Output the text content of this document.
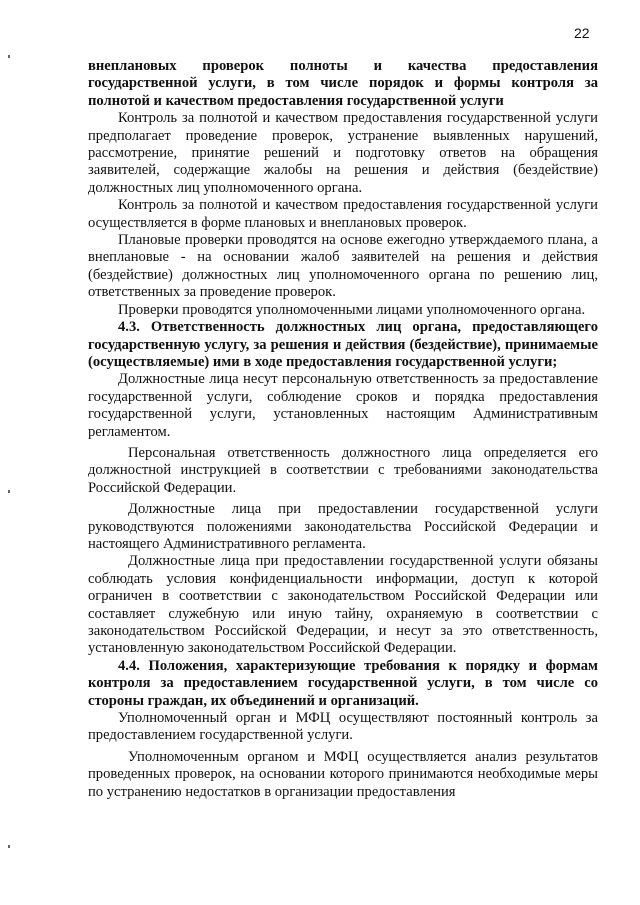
22

внеплановых проверок полноты и качества предоставления государственной услуги, в том числе порядок и формы контроля за полнотой и качеством предоставления государственной услуги

Контроль за полнотой и качеством предоставления государственной услуги предполагает проведение проверок, устранение выявленных нарушений, рассмотрение, принятие решений и подготовку ответов на обращения заявителей, содержащие жалобы на решения и действия (бездействие) должностных лиц уполномоченного органа.

Контроль за полнотой и качеством предоставления государственной услуги осуществляется в форме плановых и внеплановых проверок.

Плановые проверки проводятся на основе ежегодно утверждаемого плана, а внеплановые - на основании жалоб заявителей на решения и действия (бездействие) должностных лиц уполномоченного органа по решению лиц, ответственных за проведение проверок.

Проверки проводятся уполномоченными лицами уполномоченного органа.

4.3. Ответственность должностных лиц органа, предоставляющего государственную услугу, за решения и действия (бездействие), принимаемые (осуществляемые) ими в ходе предоставления государственной услуги;

Должностные лица несут персональную ответственность за предоставление государственной услуги, соблюдение сроков и порядка предоставления государственной услуги, установленных настоящим Административным регламентом.

Персональная ответственность должностного лица определяется его должностной инструкцией в соответствии с требованиями законодательства Российской Федерации.

Должностные лица при предоставлении государственной услуги руководствуются положениями законодательства Российской Федерации и настоящего Административного регламента.

Должностные лица при предоставлении государственной услуги обязаны соблюдать условия конфиденциальности информации, доступ к которой ограничен в соответствии с законодательством Российской Федерации или составляет служебную или иную тайну, охраняемую в соответствии с законодательством Российской Федерации, и несут за это ответственность, установленную законодательством Российской Федерации.

4.4. Положения, характеризующие требования к порядку и формам контроля за предоставлением государственной услуги, в том числе со стороны граждан, их объединений и организаций.

Уполномоченный орган и МФЦ осуществляют постоянный контроль за предоставлением государственной услуги.

Уполномоченным органом и МФЦ осуществляется анализ результатов проведенных проверок, на основании которого принимаются необходимые меры по устранению недостатков в организации предоставления
